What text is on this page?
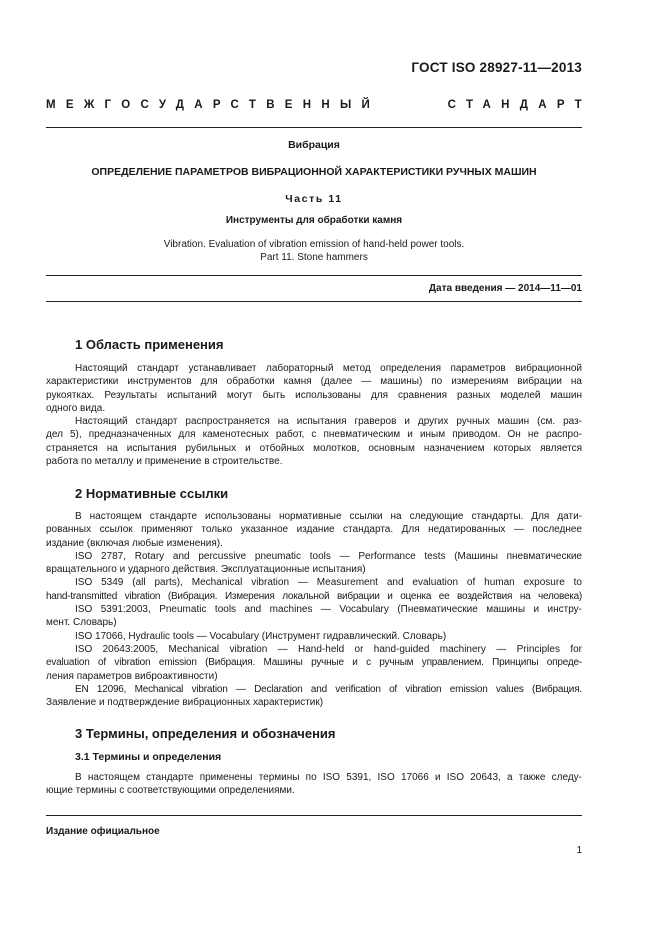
ГОСТ ISO 28927-11—2013
МЕЖГОСУДАРСТВЕННЫЙ	СТАНДАРТ
Вибрация
ОПРЕДЕЛЕНИЕ ПАРАМЕТРОВ ВИБРАЦИОННОЙ ХАРАКТЕРИСТИКИ РУЧНЫХ МАШИН
Часть 11
Инструменты для обработки камня
Vibration. Evaluation of vibration emission of hand-held power tools.
Part 11. Stone hammers
Дата введения — 2014—11—01
1 Область применения

Настоящий стандарт устанавливает лабораторный метод определения параметров вибрационной
характеристики инструментов для обработки камня (далее — машины) по измерениям вибрации на
рукоятках. Результаты испытаний могут быть использованы для сравнения разных моделей машин
одного вида.
Настоящий стандарт распространяется на испытания граверов и других ручных машин (см. раз-
дел 5), предназначенных для каменотесных работ, с пневматическим и иным приводом. Он не распро-
страняется на испытания рубильных и отбойных молотков, основным назначением которых является
работа по металлу и применение в строительстве.

2 Нормативные ссылки

В настоящем стандарте использованы нормативные ссылки на следующие стандарты. Для дати-
рованных ссылок применяют только указанное издание стандарта. Для недатированных — последнее
издание (включая любые изменения).
ISO 2787, Rotary and percussive pneumatic tools — Performance tests (Машины пневматические
вращательного и ударного действия. Эксплуатационные испытания)
ISO 5349 (all parts), Mechanical vibration — Measurement and evaluation of human exposure to
hand-transmitted vibration (Вибрация. Измерения локальной вибрации и оценка ее воздействия на человека)
ISO 5391:2003, Pneumatic tools and machines — Vocabulary (Пневматические машины и инстру-
мент. Словарь)
ISO 17066, Hydraulic tools — Vocabulary (Инструмент гидравлический. Словарь)
ISO 20643:2005, Mechanical vibration — Hand-held or hand-guided machinery — Principles for
evaluation of vibration emission (Вибрация. Машины ручные и с ручным управлением. Принципы опреде-
ления параметров виброактивности)
EN 12096, Mechanical vibration — Declaration and verification of vibration emission values (Вибрация.
Заявление и подтверждение вибрационных характеристик)

3 Термины, определения и обозначения
3.1 Термины и определения

В настоящем стандарте применены термины по ISO 5391, ISO 17066 и ISO 20643, а также следу-
ющие термины с соответствующими определениями.

Издание официальное
1
